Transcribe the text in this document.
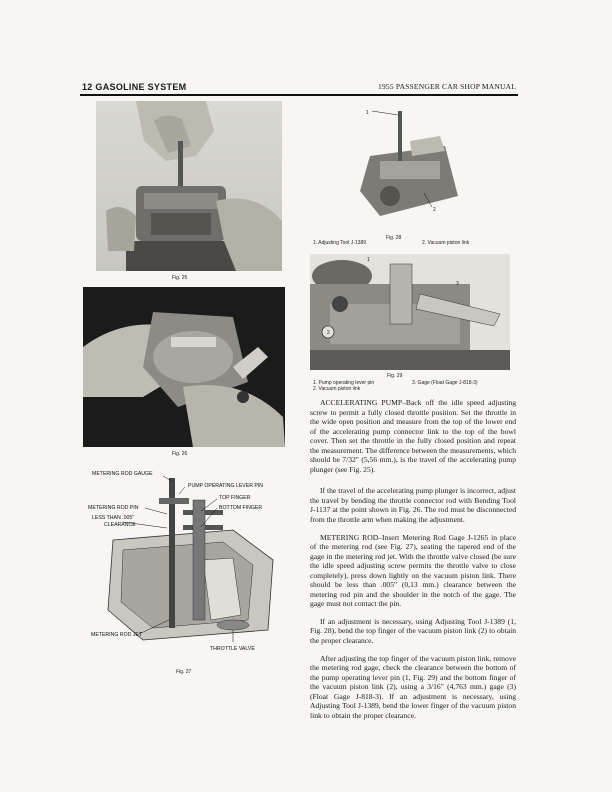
12 GASOLINE SYSTEM	1955 PASSENGER CAR SHOP MANUAL
Fig. 25
Fig. 26
METERING ROD GAUGE
PUMP OPERATING LEVER PIN
TOP FINGER
METERING ROD PIN	BOTTOM FINGER
LESS THAN .005"
CLEARANCE
METERING ROD JET
THROTTLE VALVE
Fig. 27
1
2
Fig. 28
1. Adjusting Tool J-1389	2. Vacuum piston link
1
2
3
Fig. 29
1. Pump operating lever pin
2. Vacuum piston link
3. Gage (Float Gage J-818-3)

ACCELERATING PUMP–Back off the idle speed adjusting screw to permit a fully closed throttle position. Set the throttle in the wide open position and measure from the top of the lower end of the accelerating pump connector link to the top of the bowl cover. Then set the throttle in the fully closed position and repeat the measurement. The difference between the measurements, which should be 7/32" (5,56 mm.), is the travel of the accelerating pump plunger (see Fig. 25).

If the travel of the accelerating pump plunger is incorrect, adjust the travel by bending the throttle connector rod with Bending Tool J-1137 at the point shown in Fig. 26. The rod must be disconnected from the throttle arm when making the adjustment.

METERING ROD–Insert Metering Rod Gage J-1265 in place of the metering rod (see Fig. 27), seating the tapered end of the gage in the metering rod jet. With the throttle valve closed (be sure the idle speed adjusting screw permits the throttle valve to close completely), press down lightly on the vacuum piston link. There should be less than .005" (0,13 mm.) clearance between the metering rod pin and the shoulder in the notch of the gage. The gage must not contact the pin.

If an adjustment is necessary, using Adjusting Tool J-1389 (1, Fig. 28), bend the top finger of the vacuum piston link (2) to obtain the proper clearance.

After adjusting the top finger of the vacuum piston link, remove the metering rod gage, check the clearance between the bottom of the pump operating lever pin (1, Fig. 29) and the bottom finger of the vacuum piston link (2), using a 3/16" (4,763 mm.) gage (3) (Float Gage J-818-3). If an adjustment is necessary, using Adjusting Tool J-1389, bend the lower finger of the vacuum piston link to obtain the proper clearance.
